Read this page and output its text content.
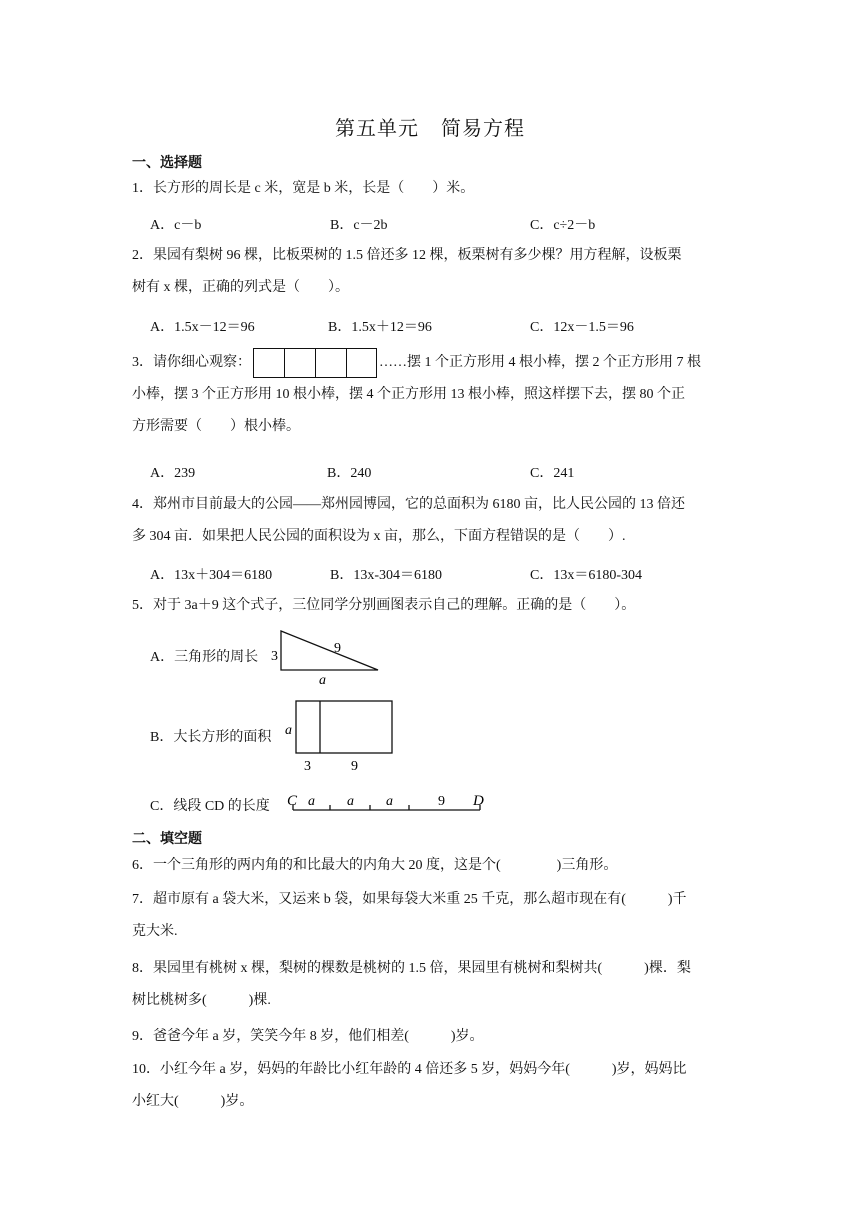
第五单元 简易方程
一、选择题

1．长方形的周长是 c 米，宽是 b 米，长是（　　）米。

A．c－b	B．c－2b	C．c÷2－b

2．果园有梨树 96 棵，比板栗树的 1.5 倍还多 12 棵，板栗树有多少棵？用方程解，设板栗

树有 x 棵，正确的列式是（　　）。

A．1.5x－12＝96	B．1.5x＋12＝96	C．12x－1.5＝96

3．请你细心观察：	……摆 1 个正方形用 4 根小棒，摆 2 个正方形用 7 根

小棒，摆 3 个正方形用 10 根小棒，摆 4 个正方形用 13 根小棒，照这样摆下去，摆 80 个正

方形需要（　　）根小棒。

A．239	B．240	C．241

4．郑州市目前最大的公园——郑州园博园，它的总面积为 6180 亩，比人民公园的 13 倍还

多 304 亩．如果把人民公园的面积设为 x 亩，那么，下面方程错误的是（　　）.

A．13x＋304＝6180	B．13x-304＝6180	C．13x＝6180-304

5．对于 3a＋9 这个式子，三位同学分别画图表示自己的理解。正确的是（　　）。

A．三角形的周长 3
9
a
B．大长方形的面积 a
3	9
C．线段 CD 的长度 C a a a	9 D
二、填空题

6．一个三角形的两内角的和比最大的内角大 20 度，这是个(　　　　)三角形。

7．超市原有 a 袋大米，又运来 b 袋，如果每袋大米重 25 千克，那么超市现在有(　　　)千

克大米.

8．果园里有桃树 x 棵，梨树的棵数是桃树的 1.5 倍，果园里有桃树和梨树共(　　　)棵．梨

树比桃树多(　　　)棵.

9．爸爸今年 a 岁，笑笑今年 8 岁，他们相差(　　　)岁。

10．小红今年 a 岁，妈妈的年龄比小红年龄的 4 倍还多 5 岁，妈妈今年(　　　)岁，妈妈比

小红大(　　　)岁。
